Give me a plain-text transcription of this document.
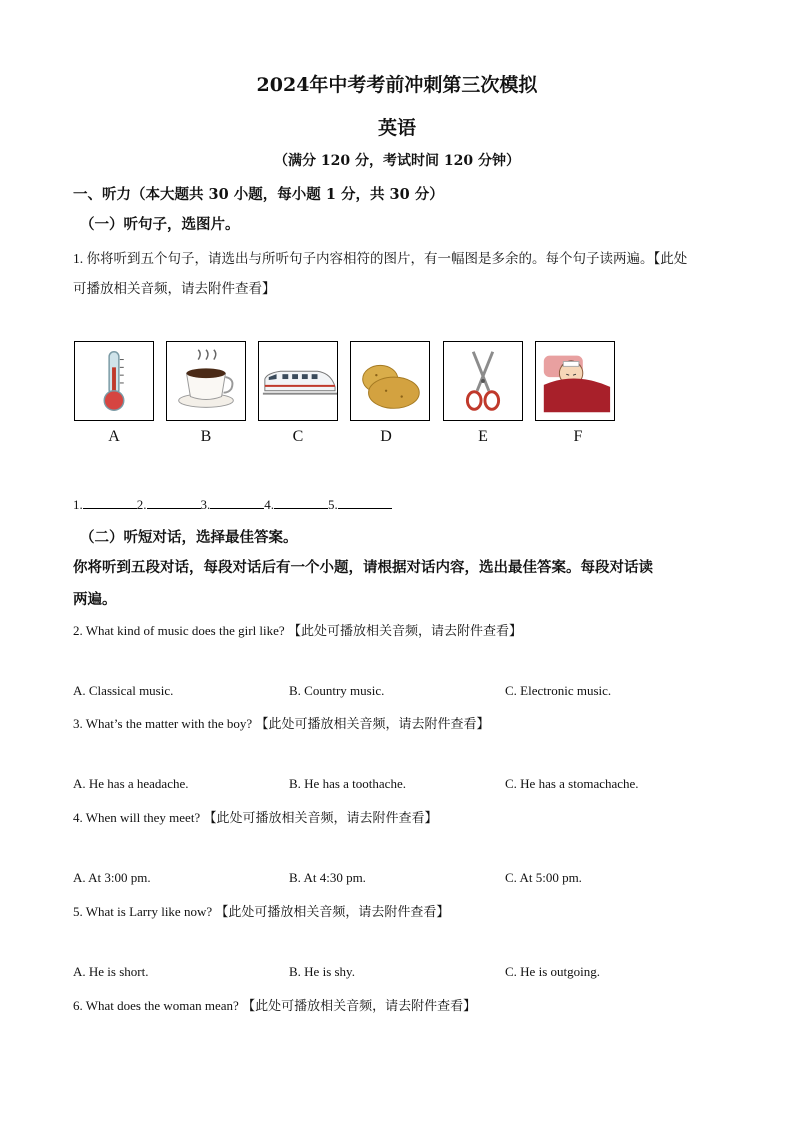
2024年中考考前冲刺第三次模拟
英语
（满分 120 分，考试时间 120 分钟）
一、听力（本大题共 30 小题，每小题 1 分，共 30 分）
（一）听句子，选图片。
1. 你将听到五个句子，请选出与所听句子内容相符的图片，有一幅图是多余的。每个句子读两遍。【此处
可播放相关音频，请去附件查看】
A	B	C	D	E	F
1.	2.	3.	4.	5.
（二）听短对话，选择最佳答案。
你将听到五段对话，每段对话后有一个小题，请根据对话内容，选出最佳答案。每段对话读
两遍。
2. What kind of music does the girl like? 【此处可播放相关音频，请去附件查看】
A. Classical music.	B. Country music.	C. Electronic music.
3. What’s the matter with the boy? 【此处可播放相关音频，请去附件查看】
A. He has a headache.	B. He has a toothache.	C. He has a stomachache.
4. When will they meet? 【此处可播放相关音频，请去附件查看】
A. At 3:00 pm.	B. At 4:30 pm.	C. At 5:00 pm.
5. What is Larry like now? 【此处可播放相关音频，请去附件查看】
A. He is short.	B. He is shy.	C. He is outgoing.
6. What does the woman mean? 【此处可播放相关音频，请去附件查看】
